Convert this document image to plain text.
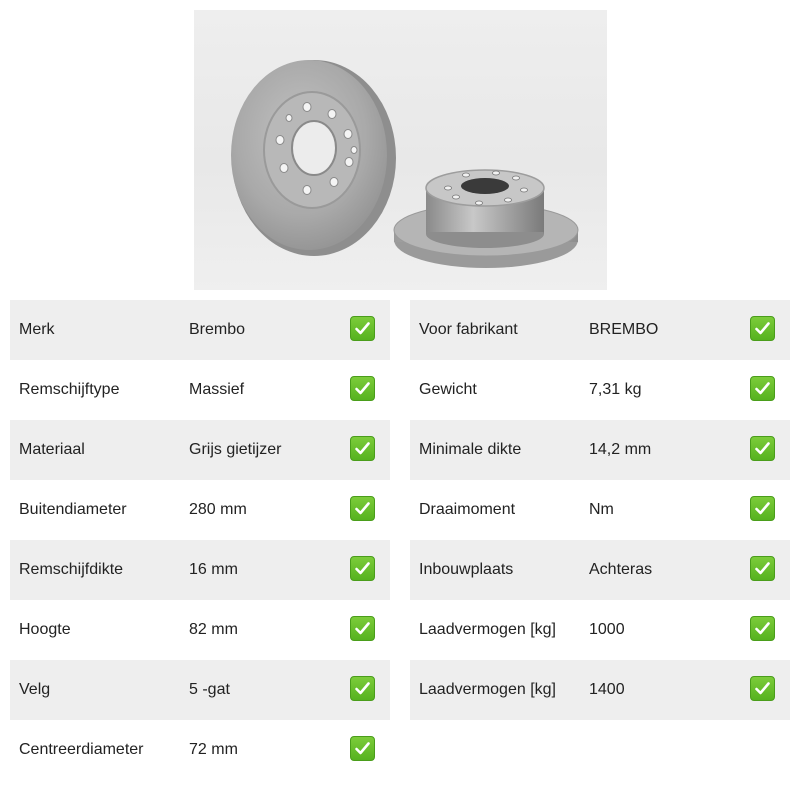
Merk	Brembo
Remschijftype	Massief
Materiaal	Grijs gietijzer
Buitendiameter	280 mm
Remschijfdikte	16 mm
Hoogte	82 mm
Velg	5 -gat
Centreerdiameter	72 mm
Voor fabrikant	BREMBO
Gewicht	7,31 kg
Minimale dikte	14,2 mm
Draaimoment	Nm
Inbouwplaats	Achteras
Laadvermogen [kg] 1000
Laadvermogen [kg] 1400
